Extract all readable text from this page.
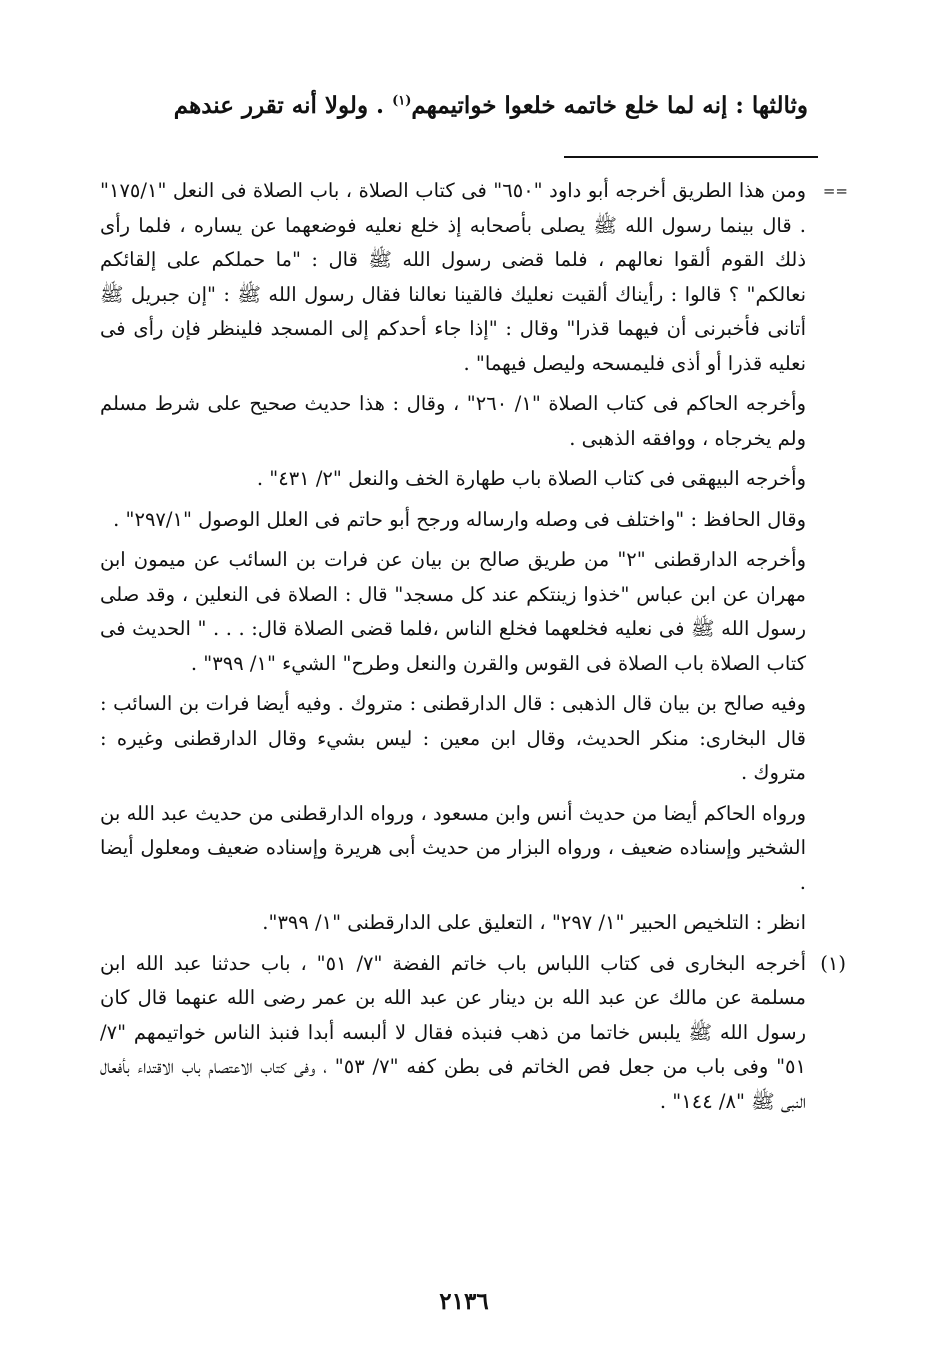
وثالثها : إنه لما خلع خاتمه خلعوا خواتيمهم$^{(١)}$ . ولولا أنه تقرر عندهم
==
ومن هذا الطريق أخرجه أبو داود "٦٥٠" فى كتاب الصلاة ، باب الصلاة فى النعل "١٧٥/١" . قال بينما رسول الله ﷺ يصلى بأصحابه إذ خلع نعليه فوضعهما عن يساره ، فلما رأى ذلك القوم ألقوا نعالهم ، فلما قضى رسول الله ﷺ قال : "ما حملكم على إلقائكم نعالكم" ؟ قالوا : رأيناك ألقيت نعليك فالقينا نعالنا فقال رسول الله ﷺ : "إن جبريل ﷺ أتانى فأخبرنى أن فيهما قذرا" وقال : "إذا جاء أحدكم إلى المسجد فلينظر فإن رأى فى نعليه قذرا أو أذى فليمسحه وليصل فيهما" .
وأخرجه الحاكم فى كتاب الصلاة "١/ ٢٦٠" ، وقال : هذا حديث صحيح على شرط مسلم ولم يخرجاه ، ووافقه الذهبى .
وأخرجه البيهقى فى كتاب الصلاة باب طهارة الخف والنعل "٢/ ٤٣١" .
وقال الحافظ : "واختلف فى وصله وارساله ورجح أبو حاتم فى العلل الوصول "٢٩٧/١" .
وأخرجه الدارقطنى "٢" من طريق صالح بن بيان عن فرات بن السائب عن ميمون ابن مهران عن ابن عباس "خذوا زينتكم عند كل مسجد" قال : الصلاة فى النعلين ، وقد صلى رسول الله ﷺ فى نعليه فخلعهما فخلع الناس ،فلما قضى الصلاة قال: . . . " الحديث فى كتاب الصلاة باب الصلاة فى القوس والقرن والنعل وطرح" الشيء "١/ ٣٩٩" .
وفيه صالح بن بيان قال الذهبى : قال الدارقطنى : متروك . وفيه أيضا فرات بن السائب : قال البخارى: منكر الحديث، وقال ابن معين : ليس بشيء وقال الدارقطنى وغيره : متروك .
ورواه الحاكم أيضا من حديث أنس وابن مسعود ، ورواه الدارقطنى من حديث عبد الله بن الشخير وإسناده ضعيف ، ورواه البزار من حديث أبى هريرة وإسناده ضعيف ومعلول أيضا .
انظر : التلخيص الحبير "١/ ٢٩٧" ، التعليق على الدارقطنى "١/ ٣٩٩".
(١)
أخرجه البخارى فى كتاب اللباس باب خاتم الفضة "٧/ ٥١" ، باب حدثنا عبد الله ابن مسلمة عن مالك عن عبد الله بن دينار عن عبد الله بن عمر رضى الله عنهما قال كان رسول الله ﷺ يلبس خاتما من ذهب فنبذه فقال لا ألبسه أبدا فنبذ الناس خواتيمهم "٧/ ٥١" وفى باب من جعل فص الخاتم فى بطن كفه "٧/ ٥٣" ، وفى كتاب الاعتصام باب الاقتداء بأفعال النبى ﷺ "٨/ ١٤٤" .
٢١٣٦
